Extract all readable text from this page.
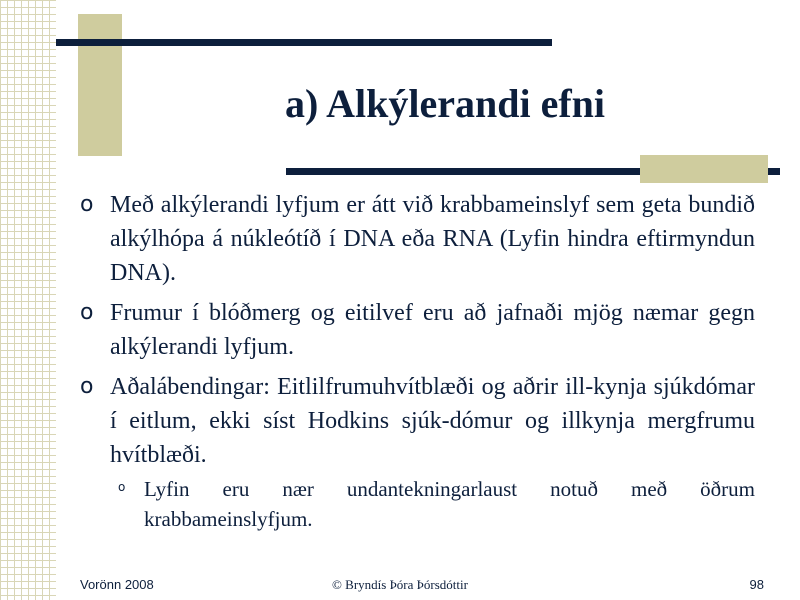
a) Alkýlerandi efni
o Með alkýlerandi lyfjum er átt við krabbameinslyf sem geta bundið alkýlhópa á núkleótíð í DNA eða RNA (Lyfin hindra eftirmyndun DNA).
o Frumur í blóðmerg og eitilvef eru að jafnaði mjög næmar gegn alkýlerandi lyfjum.
o Aðalábendingar: Eitlilfrumuhvítblæði og aðrir ill-kynja sjúkdómar í eitlum, ekki síst Hodkins sjúk-dómur og illkynja mergfrumu hvítblæði.
o Lyfin eru nær undantekningarlaust notuð með öðrum krabbameinslyfjum.
Vorönn 2008	© Bryndís Þóra Þórsdóttir	98
